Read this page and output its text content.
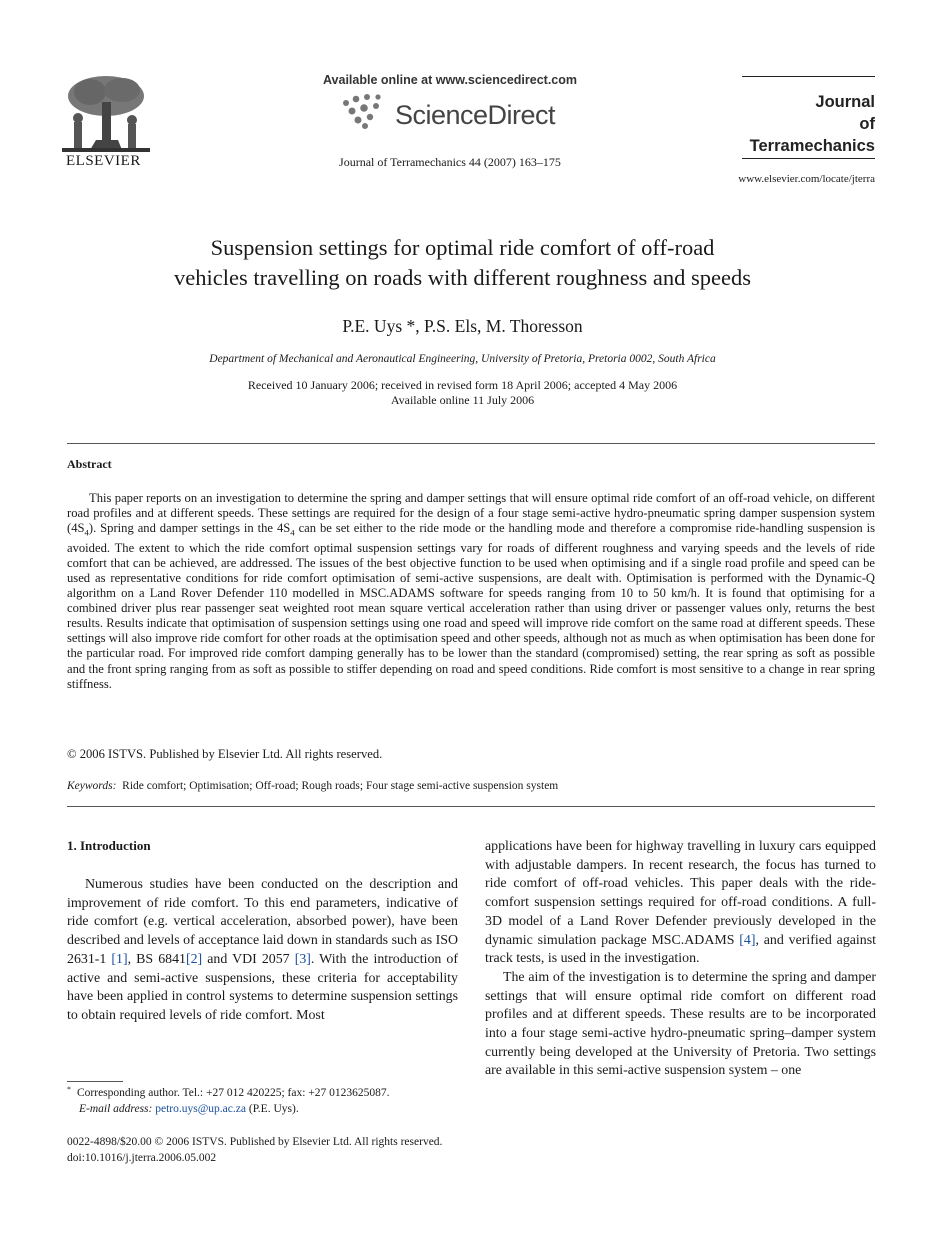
ELSEVIER
Available online at www.sciencedirect.com
ScienceDirect
Journal of Terramechanics 44 (2007) 163–175
Journal
of
Terramechanics
www.elsevier.com/locate/jterra
Suspension settings for optimal ride comfort of off-road
vehicles travelling on roads with different roughness and speeds
P.E. Uys *, P.S. Els, M. Thoresson
Department of Mechanical and Aeronautical Engineering, University of Pretoria, Pretoria 0002, South Africa
Received 10 January 2006; received in revised form 18 April 2006; accepted 4 May 2006
Available online 11 July 2006
Abstract

This paper reports on an investigation to determine the spring and damper settings that will ensure optimal ride comfort of an off-road vehicle, on different road profiles and at different speeds. These settings are required for the design of a four stage semi-active hydro-pneumatic spring damper suspension system $(4S_4)$. Spring and damper settings in the $4S_4$ can be set either to the ride mode or the handling mode and therefore a compromise ride-handling suspension is avoided. The extent to which the ride comfort optimal suspension settings vary for roads of different roughness and varying speeds and the levels of ride comfort that can be achieved, are addressed. The issues of the best objective function to be used when optimising and if a single road profile and speed can be used as representative conditions for ride comfort optimisation of semi-active suspensions, are dealt with. Optimisation is performed with the Dynamic-Q algorithm on a Land Rover Defender 110 modelled in MSC.ADAMS software for speeds ranging from 10 to 50 km/h. It is found that optimising for a combined driver plus rear passenger seat weighted root mean square vertical acceleration rather than using driver or passenger values only, returns the best results. Results indicate that optimisation of suspension settings using one road and speed will improve ride comfort on the same road at different speeds. These settings will also improve ride comfort for other roads at the optimisation speed and other speeds, although not as much as when optimisation has been done for the particular road. For improved ride comfort damping generally has to be lower than the standard (compromised) setting, the rear spring as soft as possible and the front spring ranging from as soft as possible to stiffer depending on road and speed conditions. Ride comfort is most sensitive to a change in rear spring stiffness.

© 2006 ISTVS. Published by Elsevier Ltd. All rights reserved.
Keywords: Ride comfort; Optimisation; Off-road; Rough roads; Four stage semi-active suspension system
1. Introduction

Numerous studies have been conducted on the description and improvement of ride comfort. To this end parameters, indicative of ride comfort (e.g. vertical acceleration, absorbed power), have been described and levels of acceptance laid down in standards such as ISO 2631-1 [1], BS 6841[2] and VDI 2057 [3]. With the introduction of active and semi-active suspensions, these criteria for acceptability have been applied in control systems to determine suspension settings to obtain required levels of ride comfort. Most

applications have been for highway travelling in luxury cars equipped with adjustable dampers. In recent research, the focus has turned to ride comfort of off-road vehicles. This paper deals with the ride-comfort suspension settings required for off-road conditions. A full-3D model of a Land Rover Defender previously developed in the dynamic simulation package MSC.ADAMS [4], and verified against track tests, is used in the investigation.

The aim of the investigation is to determine the spring and damper settings that will ensure optimal ride comfort on different road profiles and at different speeds. These results are to be incorporated into a four stage semi-active hydro-pneumatic spring–damper system currently being developed at the University of Pretoria. Two settings are available in this semi-active suspension system – one

* Corresponding author. Tel.: +27 012 420225; fax: +27 0123625087.
E-mail address: petro.uys@up.ac.za (P.E. Uys).
0022-4898/$20.00 © 2006 ISTVS. Published by Elsevier Ltd. All rights reserved.
doi:10.1016/j.jterra.2006.05.002
